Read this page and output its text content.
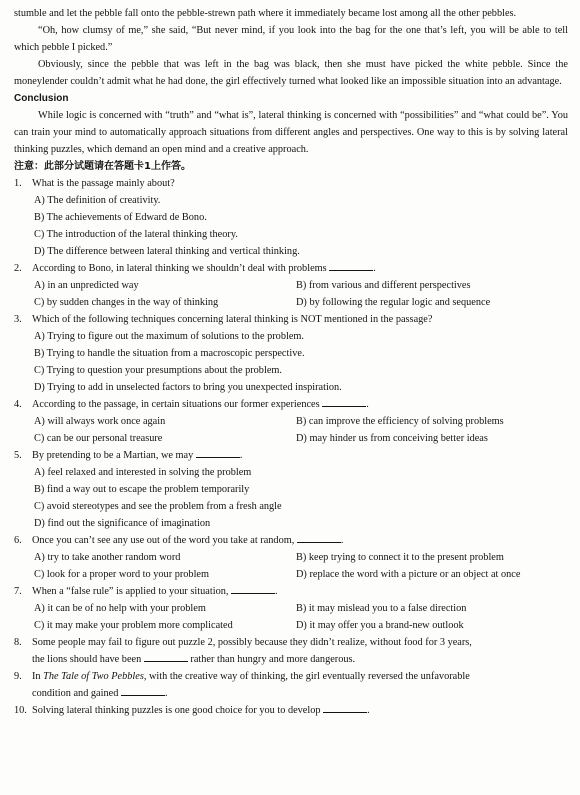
stumble and let the pebble fall onto the pebble-strewn path where it immediately became lost among all the other pebbles.

“Oh, how clumsy of me,” she said, “But never mind, if you look into the bag for the one that’s left, you will be able to tell which pebble I picked.”

Obviously, since the pebble that was left in the bag was black, then she must have picked the white pebble. Since the moneylender couldn’t admit what he had done, the girl effectively turned what looked like an impossible situation into an advantage.

Conclusion

While logic is concerned with “truth” and “what is”, lateral thinking is concerned with “possibilities” and “what could be”. You can train your mind to automatically approach situations from different angles and perspectives. One way to this is by solving lateral thinking puzzles, which demand an open mind and a creative approach.

注意：此部分试题请在答题卡1上作答。

1. What is the passage mainly about?
A) The definition of creativity.
B) The achievements of Edward de Bono.
C) The introduction of the lateral thinking theory.
D) The difference between lateral thinking and vertical thinking.
2. According to Bono, in lateral thinking we shouldn’t deal with problems	.
A) in an unpredicted way	B) from various and different perspectives
C) by sudden changes in the way of thinking	D) by following the regular logic and sequence
3. Which of the following techniques concerning lateral thinking is NOT mentioned in the passage?
A) Trying to figure out the maximum of solutions to the problem.
B) Trying to handle the situation from a macroscopic perspective.
C) Trying to question your presumptions about the problem.
D) Trying to add in unselected factors to bring you unexpected inspiration.
4. According to the passage, in certain situations our former experiences	.
A) will always work once again	B) can improve the efficiency of solving problems
C) can be our personal treasure	D) may hinder us from conceiving better ideas
5. By pretending to be a Martian, we may	.
A) feel relaxed and interested in solving the problem
B) find a way out to escape the problem temporarily
C) avoid stereotypes and see the problem from a fresh angle
D) find out the significance of imagination
6. Once you can’t see any use out of the word you take at random,	.
A) try to take another random word	B) keep trying to connect it to the present problem
C) look for a proper word to your problem	D) replace the word with a picture or an object at once
7. When a “false rule” is applied to your situation,	.
A) it can be of no help with your problem	B) it may mislead you to a false direction
C) it may make your problem more complicated	D) it may offer you a brand-new outlook
8. Some people may fail to figure out puzzle 2, possibly because they didn’t realize, without food for 3 years,
the lions should have been	rather than hungry and more dangerous.
9. In The Tale of Two Pebbles, with the creative way of thinking, the girl eventually reversed the unfavorable
condition and gained	.
10. Solving lateral thinking puzzles is one good choice for you to develop	.
